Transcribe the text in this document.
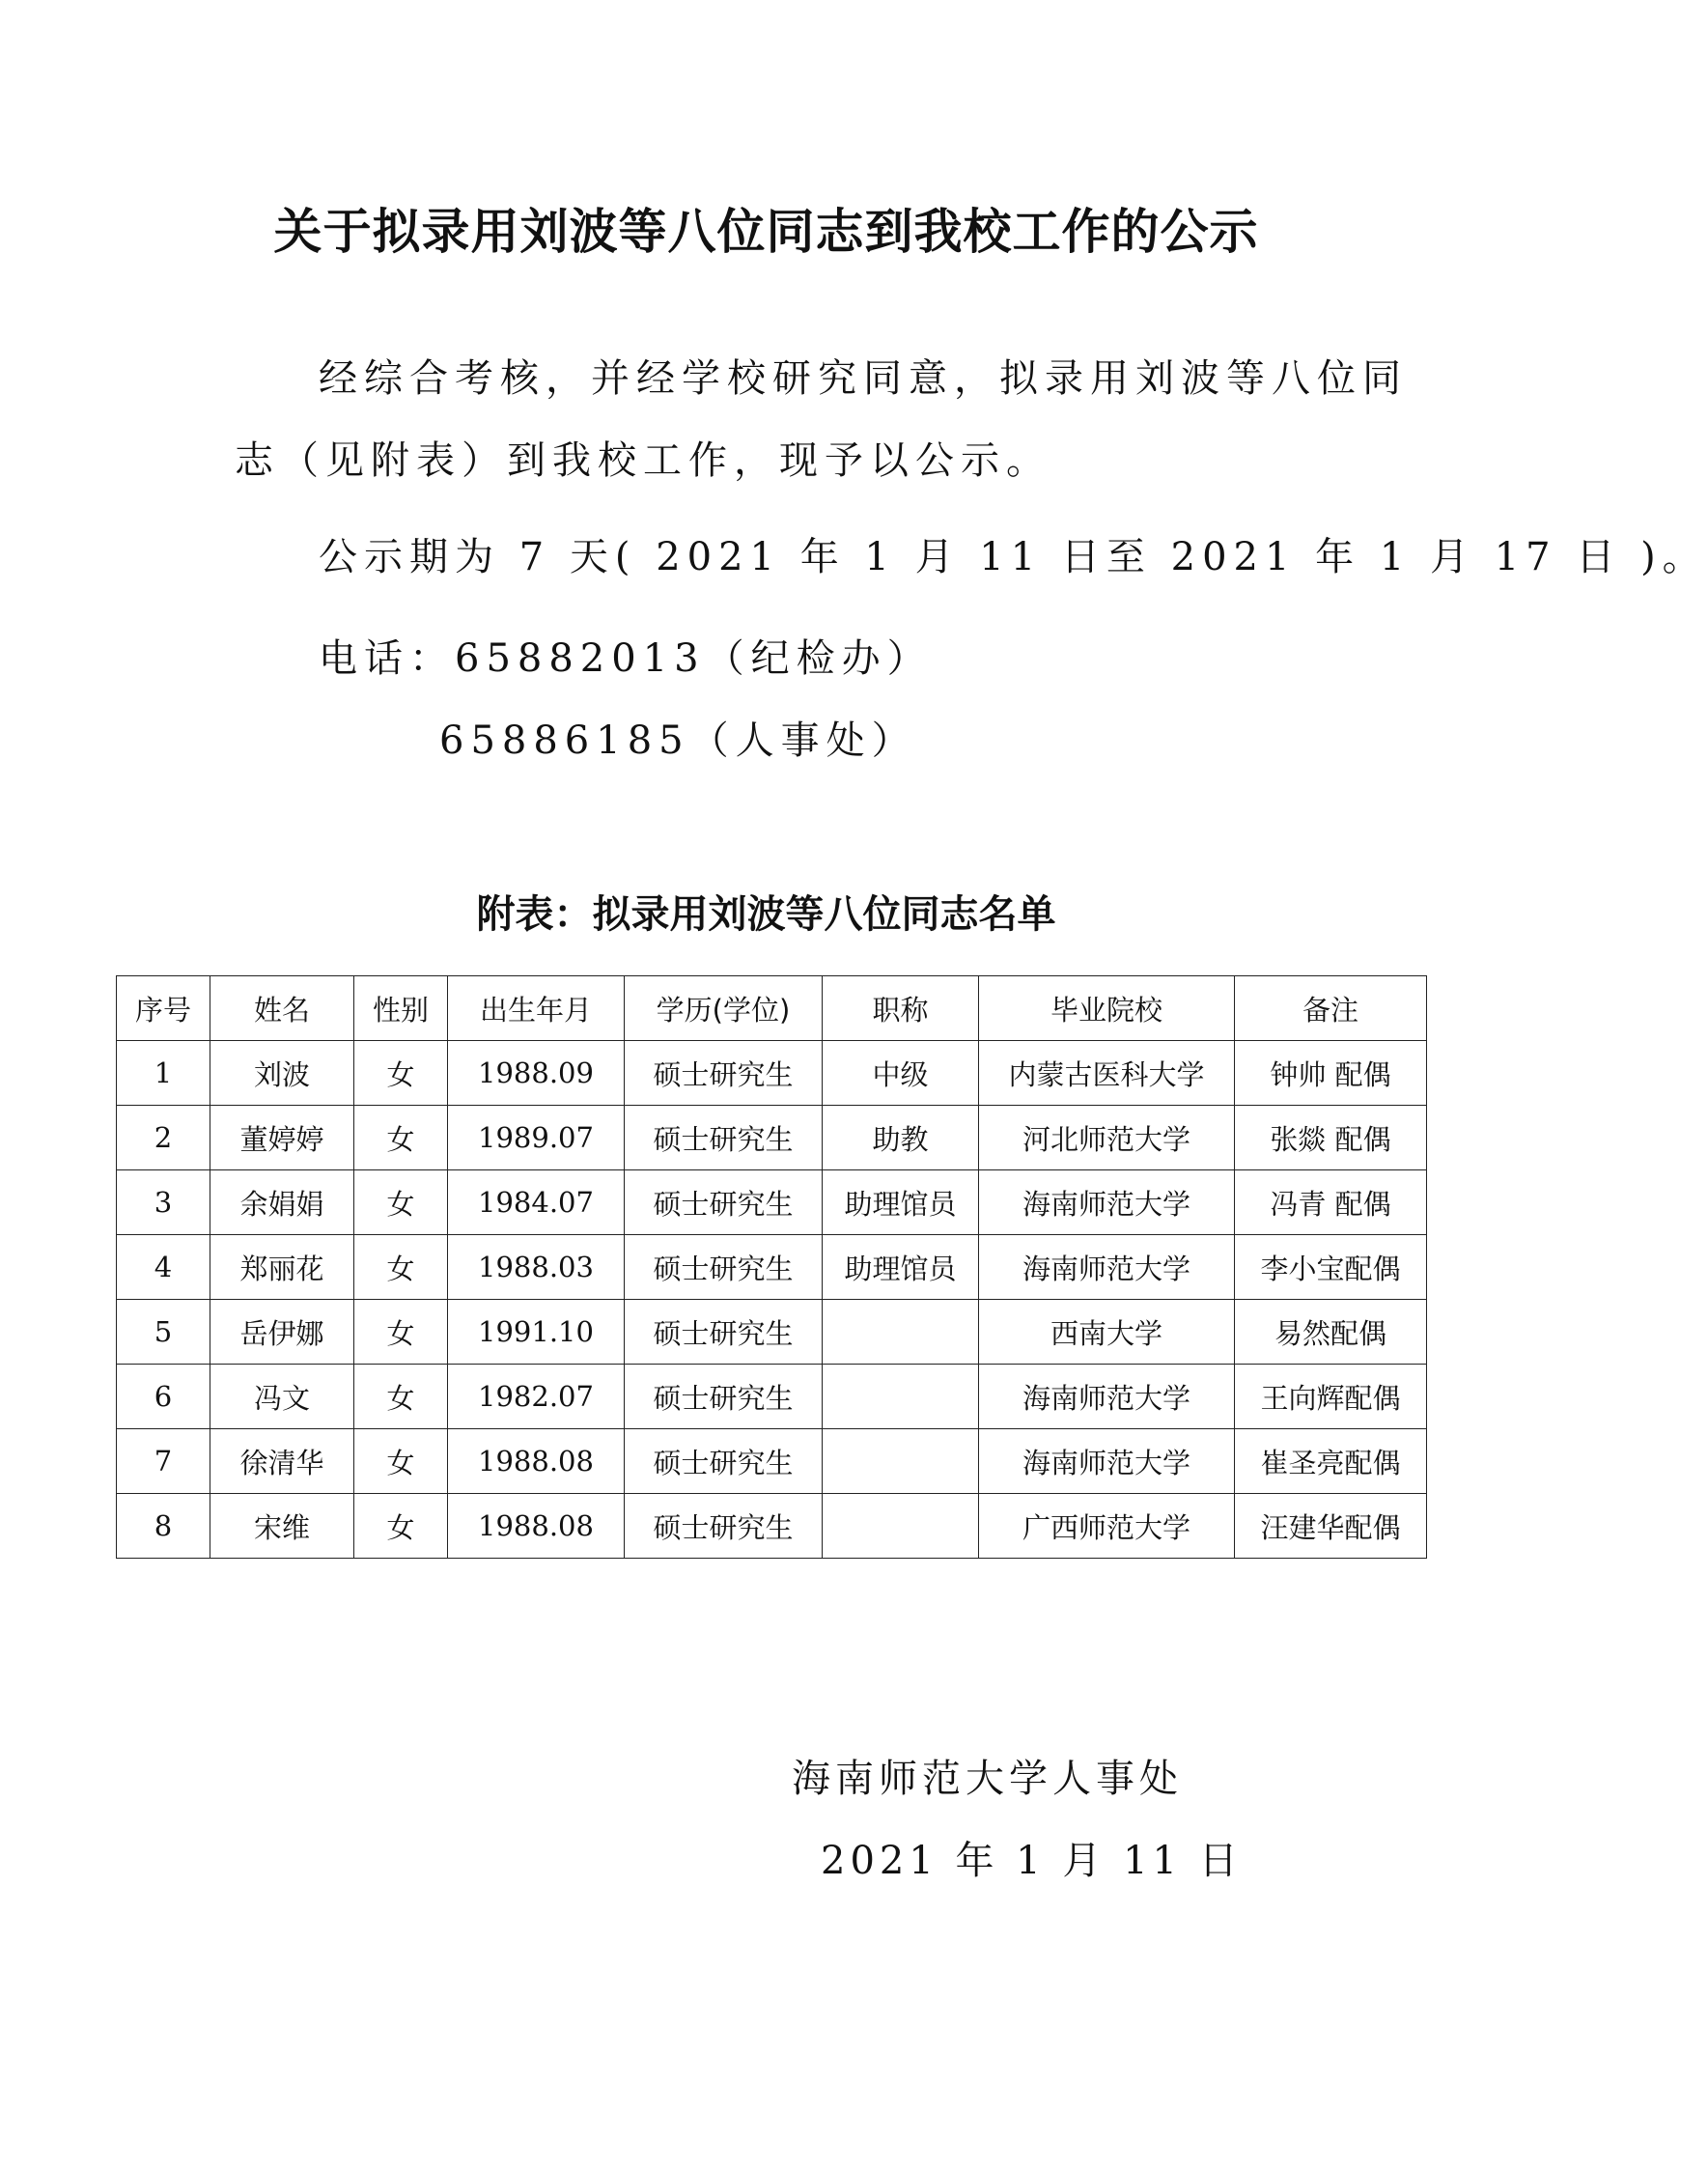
关于拟录用刘波等八位同志到我校工作的公示
经综合考核，并经学校研究同意，拟录用刘波等八位同
志（见附表）到我校工作，现予以公示。
公示期为 7 天( 2021 年 1 月 11 日至 2021 年 1 月 17 日 )。
电话：65882013（纪检办）
65886185（人事处）
附表：拟录用刘波等八位同志名单
序号	姓名	性别	出生年月	学历(学位)	职称	毕业院校	备注
1	刘波	女	1988.09	硕士研究生	中级	内蒙古医科大学	钟帅 配偶
2	董婷婷	女	1989.07	硕士研究生	助教	河北师范大学	张燚 配偶
3	余娟娟	女	1984.07	硕士研究生	助理馆员	海南师范大学	冯青 配偶
4	郑丽花	女	1988.03	硕士研究生	助理馆员	海南师范大学	李小宝配偶
5	岳伊娜	女	1991.10	硕士研究生		西南大学	易然配偶
6	冯文	女	1982.07	硕士研究生		海南师范大学	王向辉配偶
7	徐清华	女	1988.08	硕士研究生		海南师范大学	崔圣亮配偶
8	宋维	女	1988.08	硕士研究生		广西师范大学	汪建华配偶
海南师范大学人事处
2021 年 1 月 11 日
